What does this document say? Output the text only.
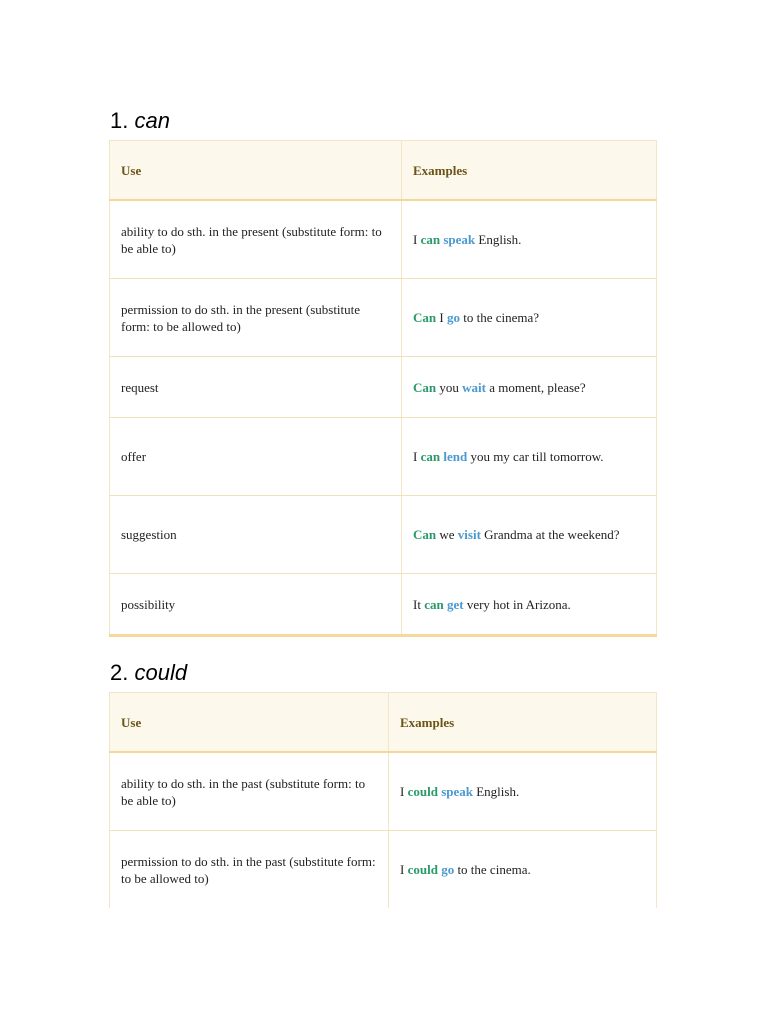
1. can
Use	Examples
ability to do sth. in the present (substitute form: to be able to)	I can speak English.
permission to do sth. in the present (substitute form: to be allowed to)	Can I go to the cinema?
request	Can you wait a moment, please?
offer	I can lend you my car till tomorrow.
suggestion	Can we visit Grandma at the weekend?
possibility	It can get very hot in Arizona.
2. could
Use	Examples
ability to do sth. in the past (substitute form: to be able to)	I could speak English.
permission to do sth. in the past (substitute form: to be allowed to)	I could go to the cinema.
